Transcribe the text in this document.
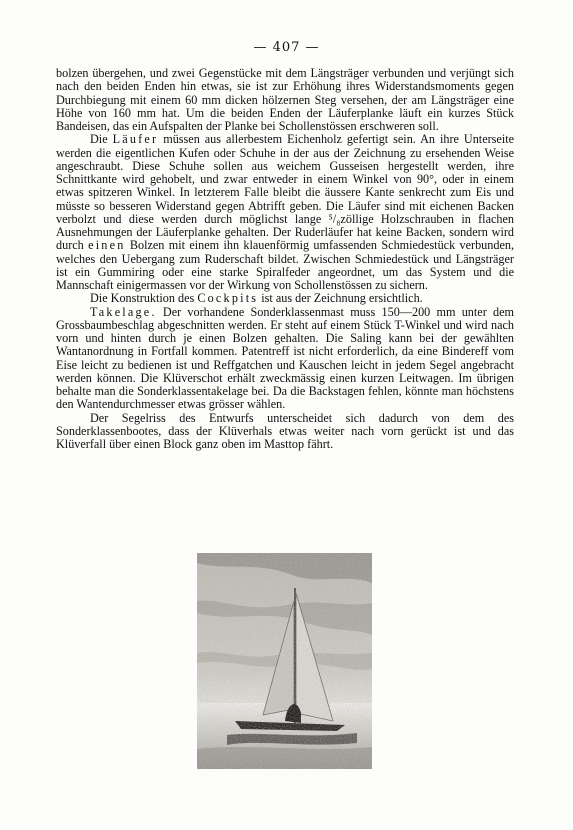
— 407 —

bolzen übergehen, und zwei Gegenstücke mit dem Längsträger verbunden und verjüngt sich nach den beiden Enden hin etwas, sie ist zur Erhöhung ihres Widerstandsmoments gegen Durchbiegung mit einem 60 mm dicken hölzernen Steg versehen, der am Längsträger eine Höhe von 160 mm hat. Um die beiden Enden der Läuferplanke läuft ein kurzes Stück Bandeisen, das ein Aufspalten der Planke bei Schollenstössen erschweren soll.

Die Läufer müssen aus allerbestem Eichenholz gefertigt sein. An ihre Unterseite werden die eigentlichen Kufen oder Schuhe in der aus der Zeichnung zu ersehenden Weise angeschraubt. Diese Schuhe sollen aus weichem Gusseisen hergestellt werden, ihre Schnittkante wird gehobelt, und zwar entweder in einem Winkel von 90°, oder in einem etwas spitzeren Winkel. In letzterem Falle bleibt die äussere Kante senkrecht zum Eis und müsste so besseren Widerstand gegen Abtrifft geben. Die Läufer sind mit eichenen Backen verbolzt und diese werden durch möglichst lange ⁵/₈zöllige Holzschrauben in flachen Ausnehmungen der Läuferplanke gehalten. Der Ruderläufer hat keine Backen, sondern wird durch einen Bolzen mit einem ihn klauenförmig umfassenden Schmiedestück verbunden, welches den Uebergang zum Ruderschaft bildet. Zwischen Schmiedestück und Längsträger ist ein Gummiring oder eine starke Spiralfeder angeordnet, um das System und die Mannschaft einigermassen vor der Wirkung von Schollenstössen zu sichern.

Die Konstruktion des Cockpits ist aus der Zeichnung ersichtlich.

Takelage. Der vorhandene Sonderklassenmast muss 150—200 mm unter dem Grossbaumbeschlag abgeschnitten werden. Er steht auf einem Stück T-Winkel und wird nach vorn und hinten durch je einen Bolzen gehalten. Die Saling kann bei der gewählten Wantanordnung in Fortfall kommen. Patentreff ist nicht erforderlich, da eine Bindereff vom Eise leicht zu bedienen ist und Reffgatchen und Kauschen leicht in jedem Segel angebracht werden können. Die Klüverschot erhält zweckmässig einen kurzen Leitwagen. Im übrigen behalte man die Sonderklassentakelage bei. Da die Backstagen fehlen, könnte man höchstens den Wantendurchmesser etwas grösser wählen.

Der Segelriss des Entwurfs unterscheidet sich dadurch von dem des Sonderklassenbootes, dass der Klüverhals etwas weiter nach vorn gerückt ist und das Klüverfall über einen Block ganz oben im Masttop fährt.
